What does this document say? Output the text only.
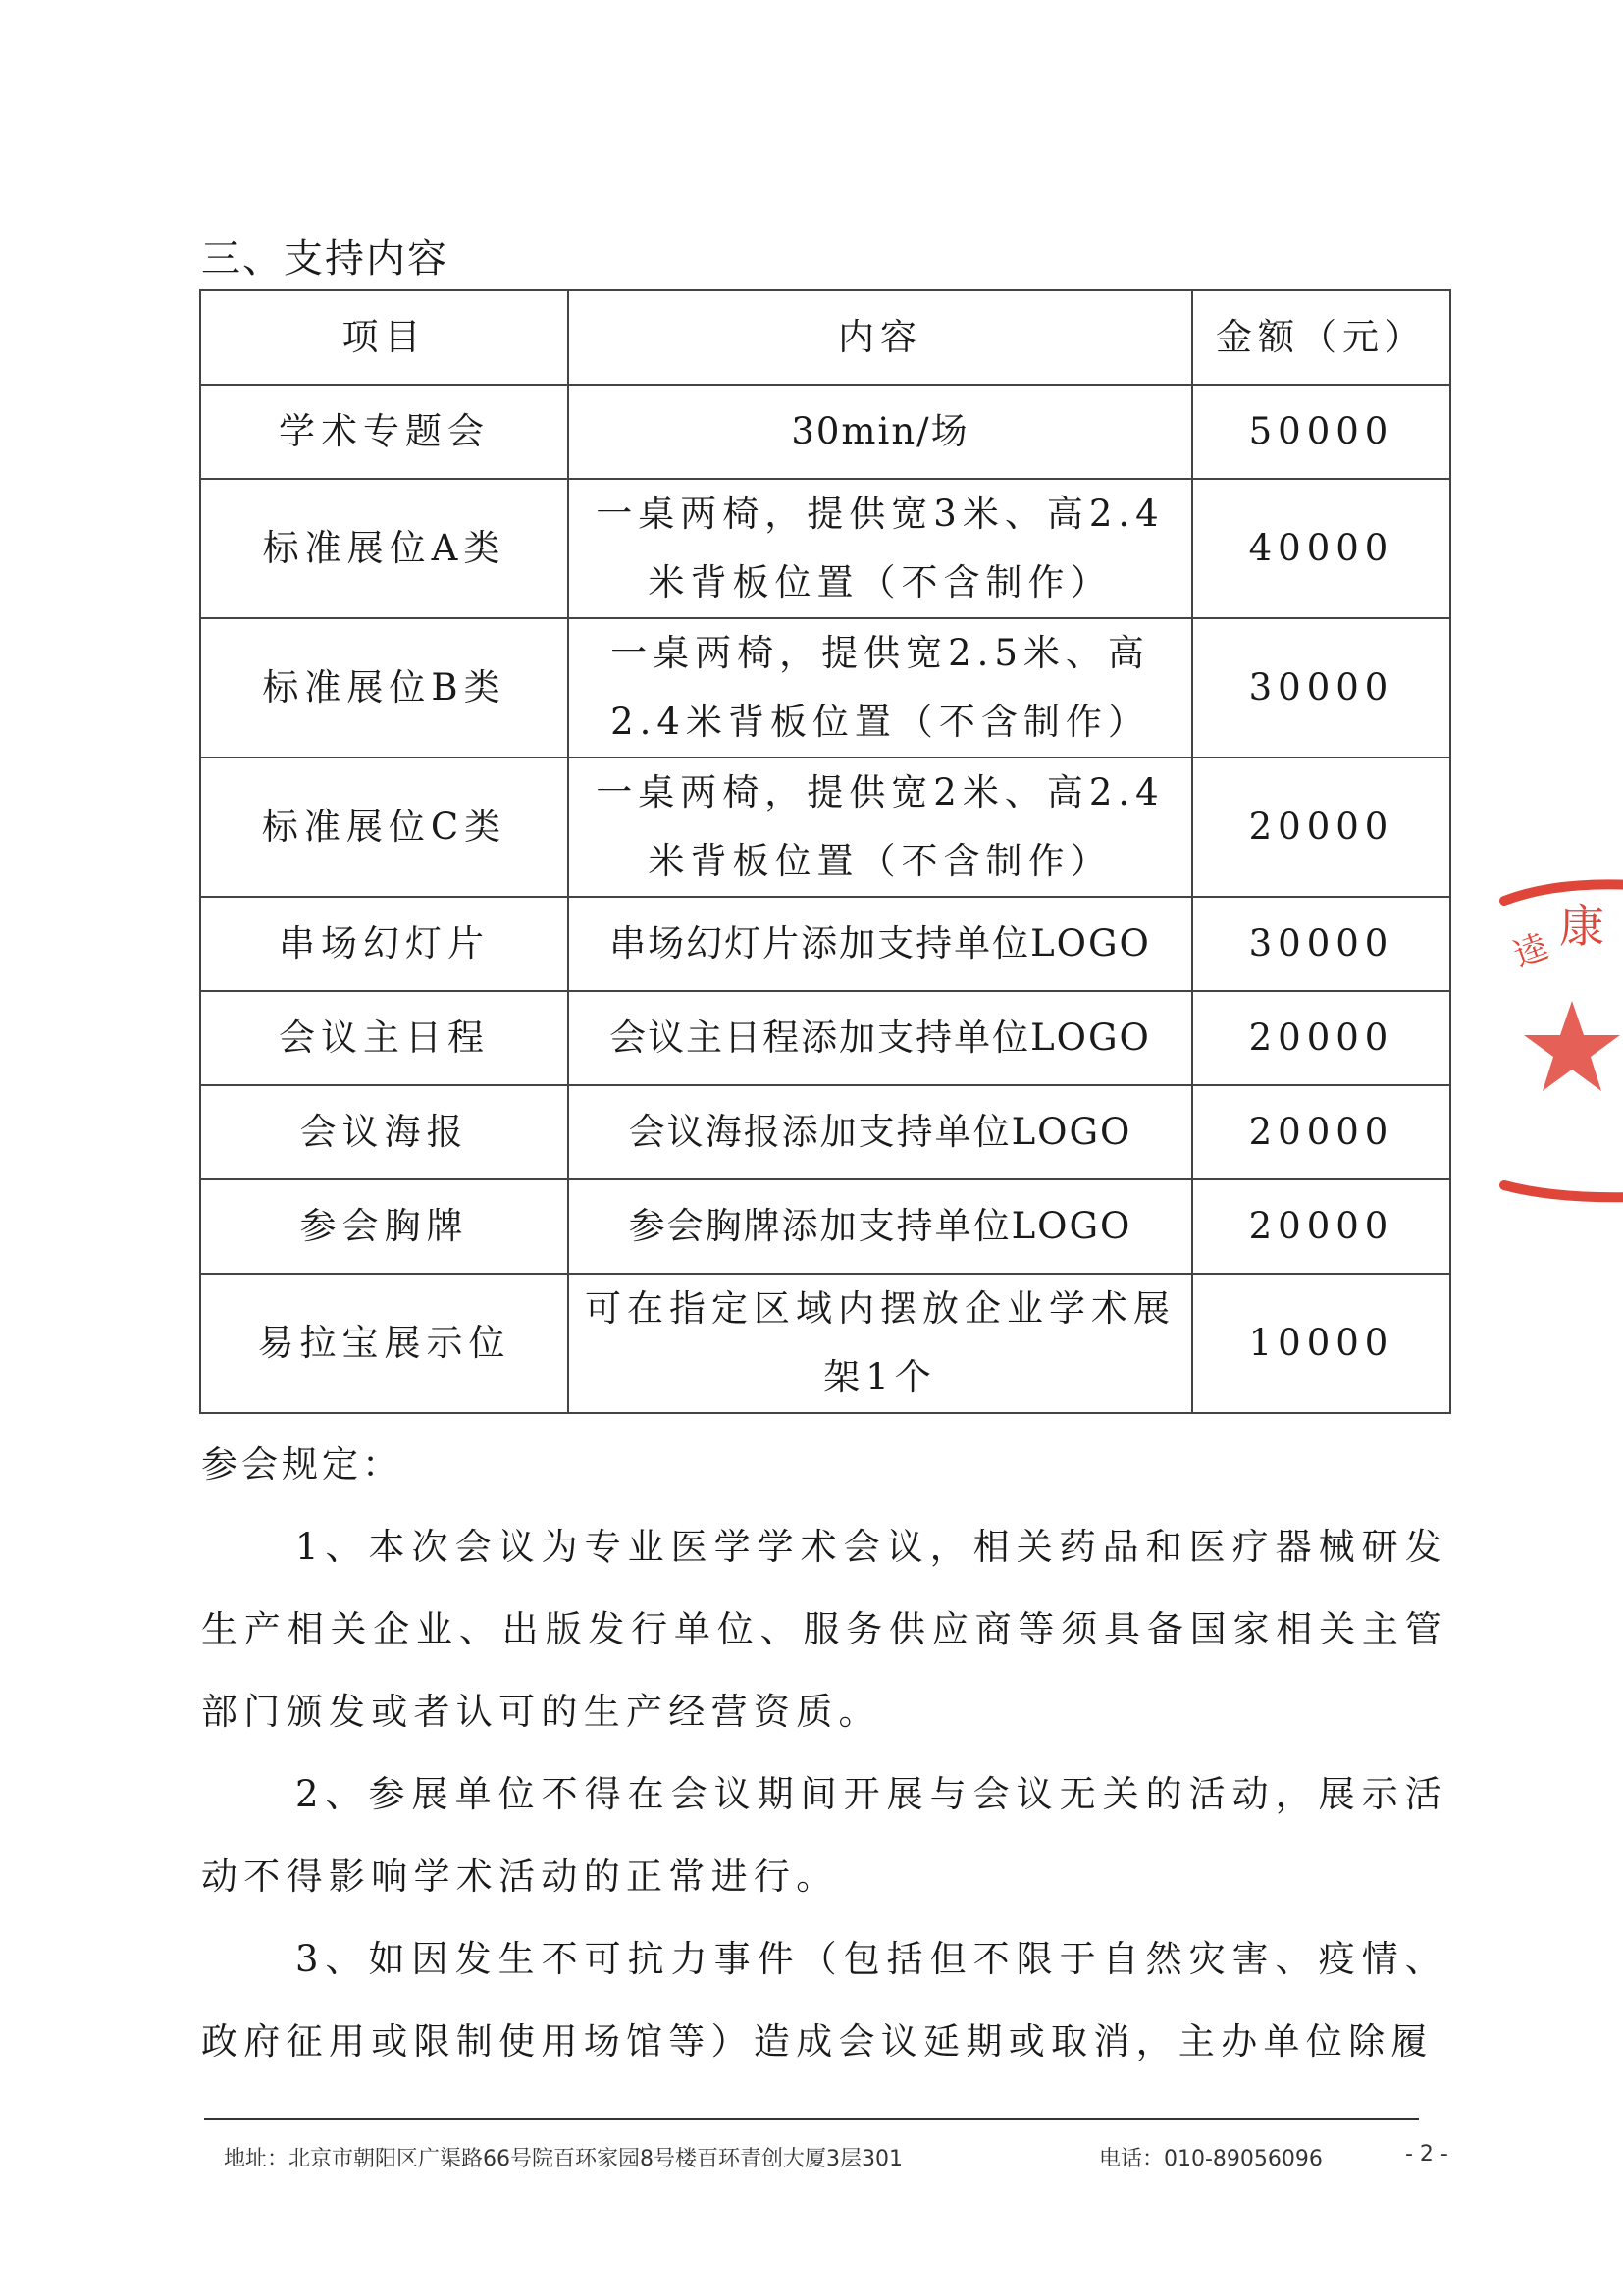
三、支持内容
项目	内容	金额（元）
学术专题会	30min/场	50000
标准展位A类	一桌两椅，提供宽3米、高2.4米背板位置（不含制作）	40000
标准展位B类	一桌两椅，提供宽2.5米、高2.4米背板位置（不含制作）	30000
标准展位C类	一桌两椅，提供宽2米、高2.4米背板位置（不含制作）	20000
串场幻灯片	串场幻灯片添加支持单位LOGO	30000
会议主日程	会议主日程添加支持单位LOGO	20000
会议海报	会议海报添加支持单位LOGO	20000
参会胸牌	参会胸牌添加支持单位LOGO	20000
易拉宝展示位	可在指定区域内摆放企业学术展架1个	10000
参会规定：

1、本次会议为专业医学学术会议，相关药品和医疗器械研发生产相关企业、出版发行单位、服务供应商等须具备国家相关主管部门颁发或者认可的生产经营资质。

2、参展单位不得在会议期间开展与会议无关的活动，展示活动不得影响学术活动的正常进行。

3、如因发生不可抗力事件（包括但不限于自然灾害、疫情、政府征用或限制使用场馆等）造成会议延期或取消，主办单位除履

地址：北京市朝阳区广渠路66号院百环家园8号楼百环青创大厦3层301	电话：010-89056096	- 2 -
逵 康
